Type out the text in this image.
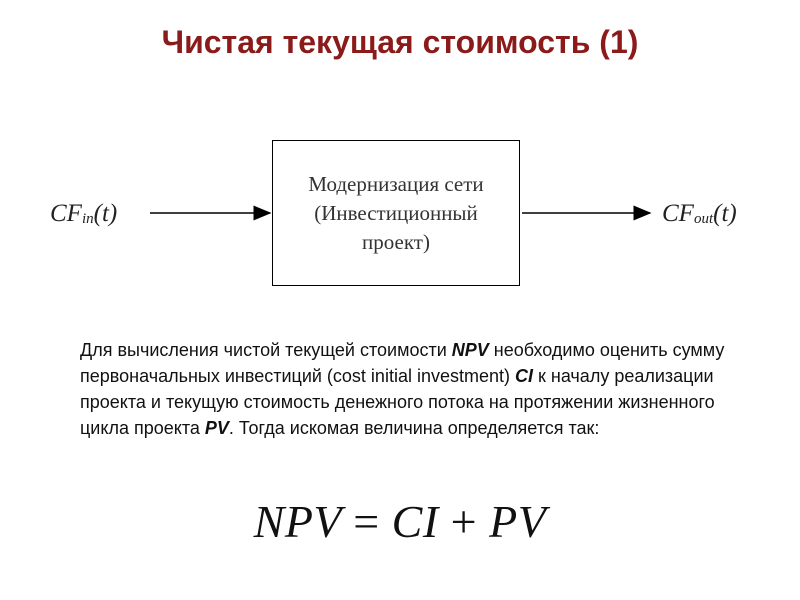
Чистая текущая стоимость (1)
$CF_{in}(t)$
Модернизация сети
(Инвестиционный
проект)
$CF_{out}(t)$
Для вычисления чистой текущей стоимости NPV необходимо оценить сумму первоначальных инвестиций (cost initial investment) CI к началу реализации проекта и текущую стоимость денежного потока на протяжении жизненного цикла проекта PV. Тогда искомая величина определяется так:
NPV = CI + PV
